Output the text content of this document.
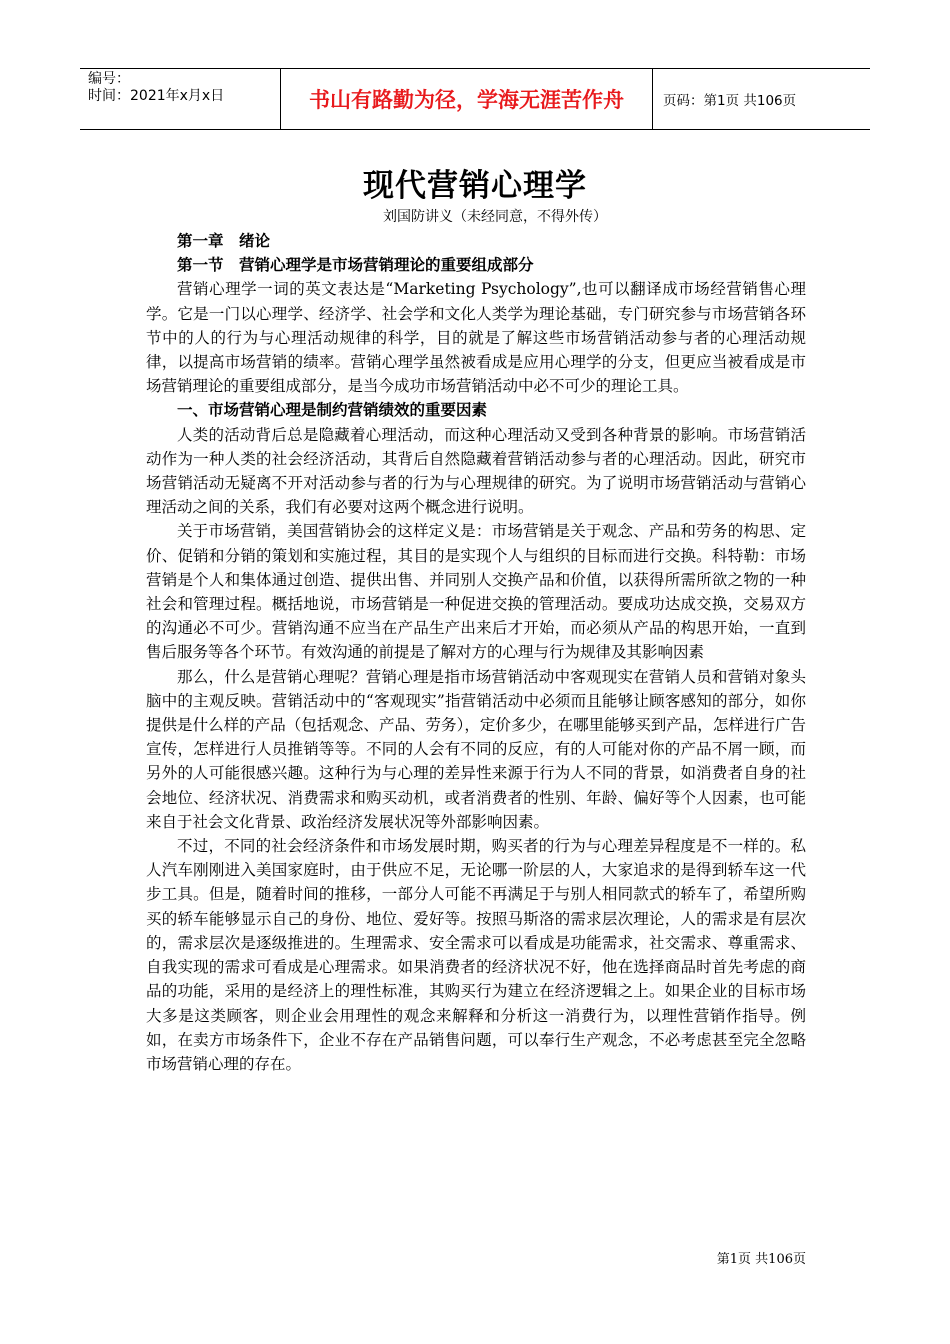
编号：
时间：2021年x月x日	书山有路勤为径，学海无涯苦作舟	页码：第1页 共106页
现代营销心理学
刘国防讲义（未经同意，不得外传）

第一章　绪论

第一节　营销心理学是市场营销理论的重要组成部分

营销心理学一词的英文表达是“Marketing Psychology”,也可以翻译成市场经营销售心理学。它是一门以心理学、经济学、社会学和文化人类学为理论基础，专门研究参与市场营销各环节中的人的行为与心理活动规律的科学，目的就是了解这些市场营销活动参与者的心理活动规律，以提高市场营销的绩率。营销心理学虽然被看成是应用心理学的分支，但更应当被看成是市场营销理论的重要组成部分，是当今成功市场营销活动中必不可少的理论工具。

一、市场营销心理是制约营销绩效的重要因素

人类的活动背后总是隐藏着心理活动，而这种心理活动又受到各种背景的影响。市场营销活动作为一种人类的社会经济活动，其背后自然隐藏着营销活动参与者的心理活动。因此，研究市场营销活动无疑离不开对活动参与者的行为与心理规律的研究。为了说明市场营销活动与营销心理活动之间的关系，我们有必要对这两个概念进行说明。

关于市场营销，美国营销协会的这样定义是：市场营销是关于观念、产品和劳务的构思、定价、促销和分销的策划和实施过程，其目的是实现个人与组织的目标而进行交换。科特勒：市场营销是个人和集体通过创造、提供出售、并同别人交换产品和价值，以获得所需所欲之物的一种社会和管理过程。概括地说，市场营销是一种促进交换的管理活动。要成功达成交换，交易双方的沟通必不可少。营销沟通不应当在产品生产出来后才开始，而必须从产品的构思开始，一直到售后服务等各个环节。有效沟通的前提是了解对方的心理与行为规律及其影响因素

那么，什么是营销心理呢？营销心理是指市场营销活动中客观现实在营销人员和营销对象头脑中的主观反映。营销活动中的“客观现实”指营销活动中必须而且能够让顾客感知的部分，如你提供是什么样的产品（包括观念、产品、劳务），定价多少，在哪里能够买到产品，怎样进行广告宣传，怎样进行人员推销等等。不同的人会有不同的反应，有的人可能对你的产品不屑一顾，而另外的人可能很感兴趣。这种行为与心理的差异性来源于行为人不同的背景，如消费者自身的社会地位、经济状况、消费需求和购买动机，或者消费者的性别、年龄、偏好等个人因素，也可能来自于社会文化背景、政治经济发展状况等外部影响因素。

不过，不同的社会经济条件和市场发展时期，购买者的行为与心理差异程度是不一样的。私人汽车刚刚进入美国家庭时，由于供应不足，无论哪一阶层的人，大家追求的是得到轿车这一代步工具。但是，随着时间的推移，一部分人可能不再满足于与别人相同款式的轿车了，希望所购买的轿车能够显示自己的身份、地位、爱好等。按照马斯洛的需求层次理论，人的需求是有层次的，需求层次是逐级推进的。生理需求、安全需求可以看成是功能需求，社交需求、尊重需求、自我实现的需求可看成是心理需求。如果消费者的经济状况不好，他在选择商品时首先考虑的商品的功能，采用的是经济上的理性标准，其购买行为建立在经济逻辑之上。如果企业的目标市场大多是这类顾客，则企业会用理性的观念来解释和分析这一消费行为，以理性营销作指导。例如，在卖方市场条件下，企业不存在产品销售问题，可以奉行生产观念，不必考虑甚至完全忽略市场营销心理的存在。

第1页 共106页
